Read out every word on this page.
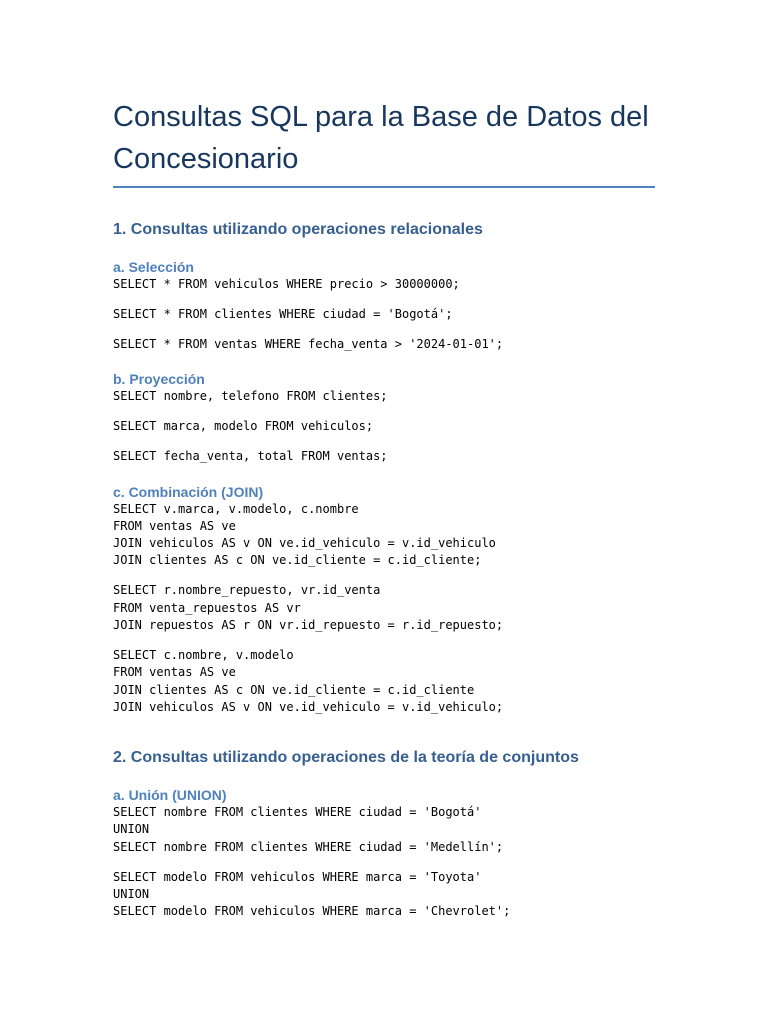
Consultas SQL para la Base de Datos del Concesionario
1. Consultas utilizando operaciones relacionales
a. Selección
SELECT * FROM vehiculos WHERE precio > 30000000;
SELECT * FROM clientes WHERE ciudad = 'Bogotá';
SELECT * FROM ventas WHERE fecha_venta > '2024-01-01';
b. Proyección
SELECT nombre, telefono FROM clientes;
SELECT marca, modelo FROM vehiculos;
SELECT fecha_venta, total FROM ventas;
c. Combinación (JOIN)
SELECT v.marca, v.modelo, c.nombre
FROM ventas AS ve
JOIN vehiculos AS v ON ve.id_vehiculo = v.id_vehiculo
JOIN clientes AS c ON ve.id_cliente = c.id_cliente;
SELECT r.nombre_repuesto, vr.id_venta
FROM venta_repuestos AS vr
JOIN repuestos AS r ON vr.id_repuesto = r.id_repuesto;
SELECT c.nombre, v.modelo
FROM ventas AS ve
JOIN clientes AS c ON ve.id_cliente = c.id_cliente
JOIN vehiculos AS v ON ve.id_vehiculo = v.id_vehiculo;
2. Consultas utilizando operaciones de la teoría de conjuntos
a. Unión (UNION)
SELECT nombre FROM clientes WHERE ciudad = 'Bogotá'
UNION
SELECT nombre FROM clientes WHERE ciudad = 'Medellín';
SELECT modelo FROM vehiculos WHERE marca = 'Toyota'
UNION
SELECT modelo FROM vehiculos WHERE marca = 'Chevrolet';
